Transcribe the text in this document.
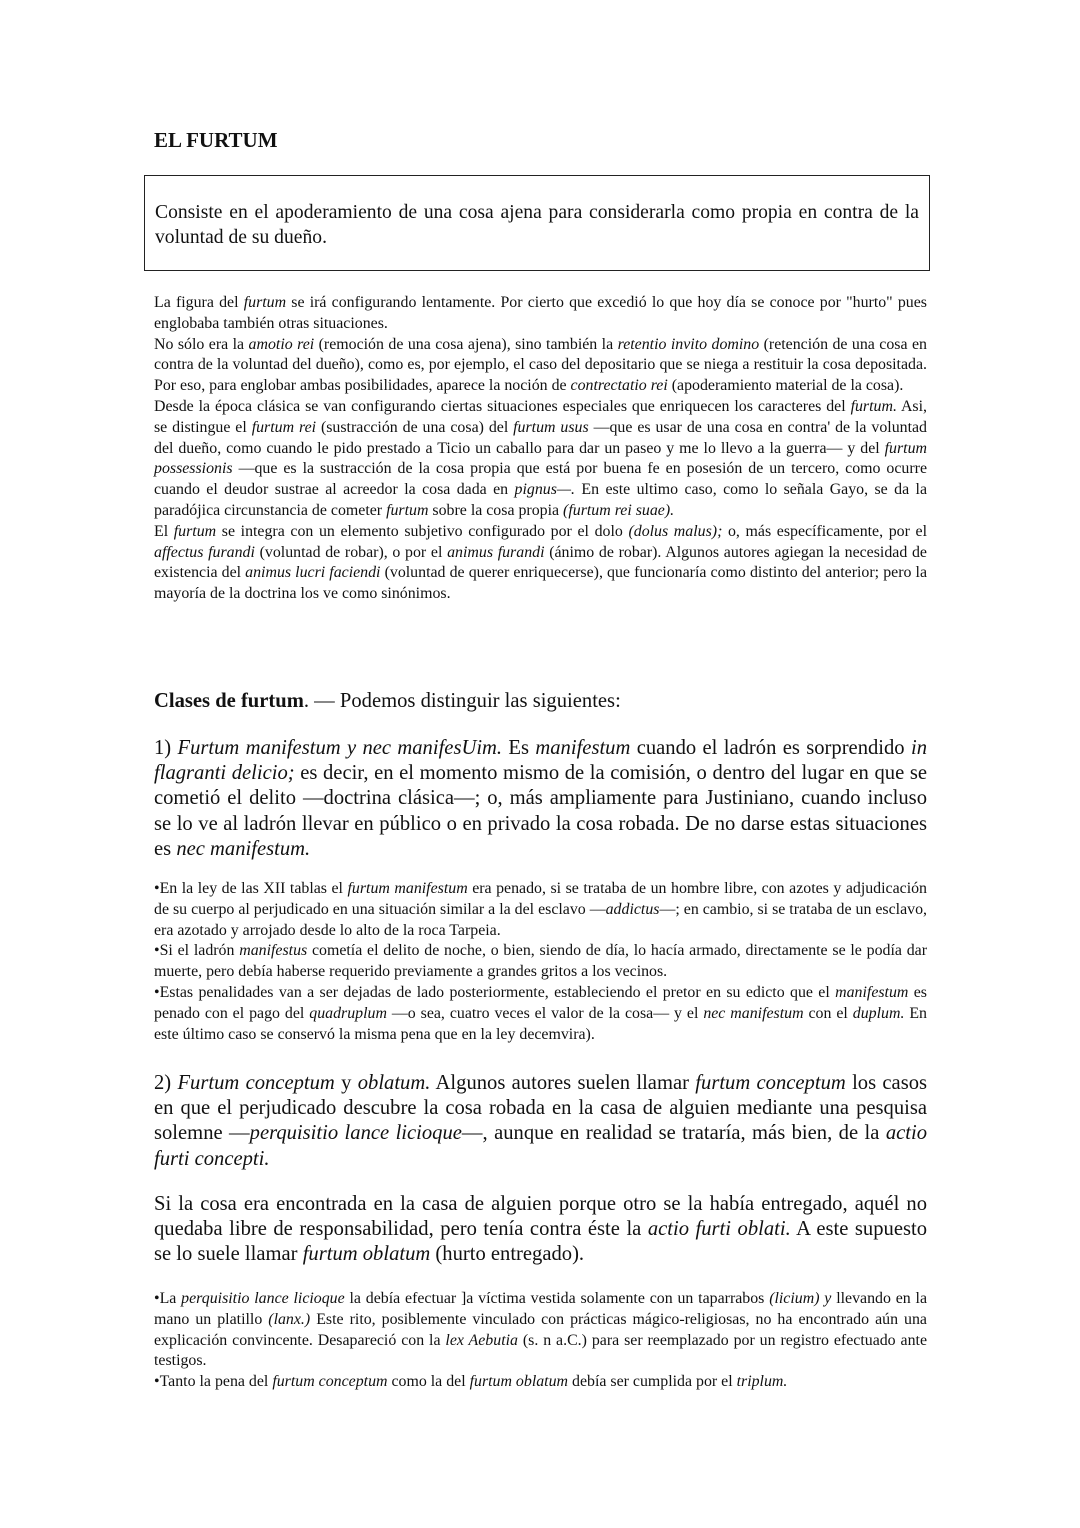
EL FURTUM
Consiste en el apoderamiento de una cosa ajena para considerarla como propia en contra de la voluntad de su dueño.

La figura del furtum se irá configurando lentamente. Por cierto que excedió lo que hoy día se conoce por "hurto" pues englobaba también otras situaciones.

No sólo era la amotio rei (remoción de una cosa ajena), sino también la retentio invito domino (retención de una cosa en contra de la voluntad del dueño), como es, por ejemplo, el caso del depositario que se niega a restituir la cosa depositada. Por eso, para englobar ambas posibilidades, aparece la noción de contrectatio rei (apoderamiento material de la cosa).

Desde la época clásica se van configurando ciertas situaciones especiales que enriquecen los caracteres del furtum. Asi, se distingue el furtum rei (sustracción de una cosa) del furtum usus —que es usar de una cosa en contra' de la voluntad del dueño, como cuando le pido prestado a Ticio un caballo para dar un paseo y me lo llevo a la guerra— y del furtum possessionis —que es la sustracción de la cosa propia que está por buena fe en posesión de un tercero, como ocurre cuando el deudor sustrae al acreedor la cosa dada en pignus—. En este ultimo caso, como lo señala Gayo, se da la paradójica circunstancia de cometer furtum sobre la cosa propia (furtum rei suae).

El furtum se integra con un elemento subjetivo configurado por el dolo (dolus malus); o, más específicamente, por el affectus furandi (voluntad de robar), o por el animus furandi (ánimo de robar). Algunos autores agiegan la necesidad de existencia del animus lucri faciendi (voluntad de querer enriquecerse), que funcionaría como distinto del anterior; pero la mayoría de la doctrina los ve como sinónimos.

Clases de furtum. — Podemos distinguir las siguientes:
1) Furtum manifestum y nec manifesUim. Es manifestum cuando el ladrón es sorprendido in flagranti delicio; es decir, en el momento mismo de la comisión, o dentro del lugar en que se cometió el delito —doctrina clásica—; o, más ampliamente para Justiniano, cuando incluso se lo ve al ladrón llevar en público o en privado la cosa robada. De no darse estas situaciones es nec manifestum.

•En la ley de las XII tablas el furtum manifestum era penado, si se trataba de un hombre libre, con azotes y adjudicación de su cuerpo al perjudicado en una situación similar a la del esclavo —addictus—; en cambio, si se trataba de un esclavo, era azotado y arrojado desde lo alto de la roca Tarpeia.

•Si el ladrón manifestus cometía el delito de noche, o bien, siendo de día, lo hacía armado, directamente se le podía dar muerte, pero debía haberse requerido previamente a grandes gritos a los vecinos.

•Estas penalidades van a ser dejadas de lado posteriormente, estableciendo el pretor en su edicto que el manifestum es penado con el pago del quadruplum —o sea, cuatro veces el valor de la cosa— y el nec manifestum con el duplum. En este último caso se conservó la misma pena que en la ley decemvira).

2) Furtum conceptum y oblatum. Algunos autores suelen llamar furtum conceptum los casos en que el perjudicado descubre la cosa robada en la casa de alguien mediante una pesquisa solemne —perquisitio lance licioque—, aunque en realidad se trataría, más bien, de la actio furti concepti.
Si la cosa era encontrada en la casa de alguien porque otro se la había entregado, aquél no quedaba libre de responsabilidad, pero tenía contra éste la actio furti oblati. A este supuesto se lo suele llamar furtum oblatum (hurto entregado).

•La perquisitio lance licioque la debía efectuar ]a víctima vestida solamente con un taparrabos (licium) y llevando en la mano un platillo (lanx.) Este rito, posiblemente vinculado con prácticas mágico-religiosas, no ha encontrado aún una explicación convincente. Desapareció con la lex Aebutia (s. n a.C.) para ser reemplazado por un registro efectuado ante testigos.

•Tanto la pena del furtum conceptum como la del furtum oblatum debía ser cumplida por el triplum.
